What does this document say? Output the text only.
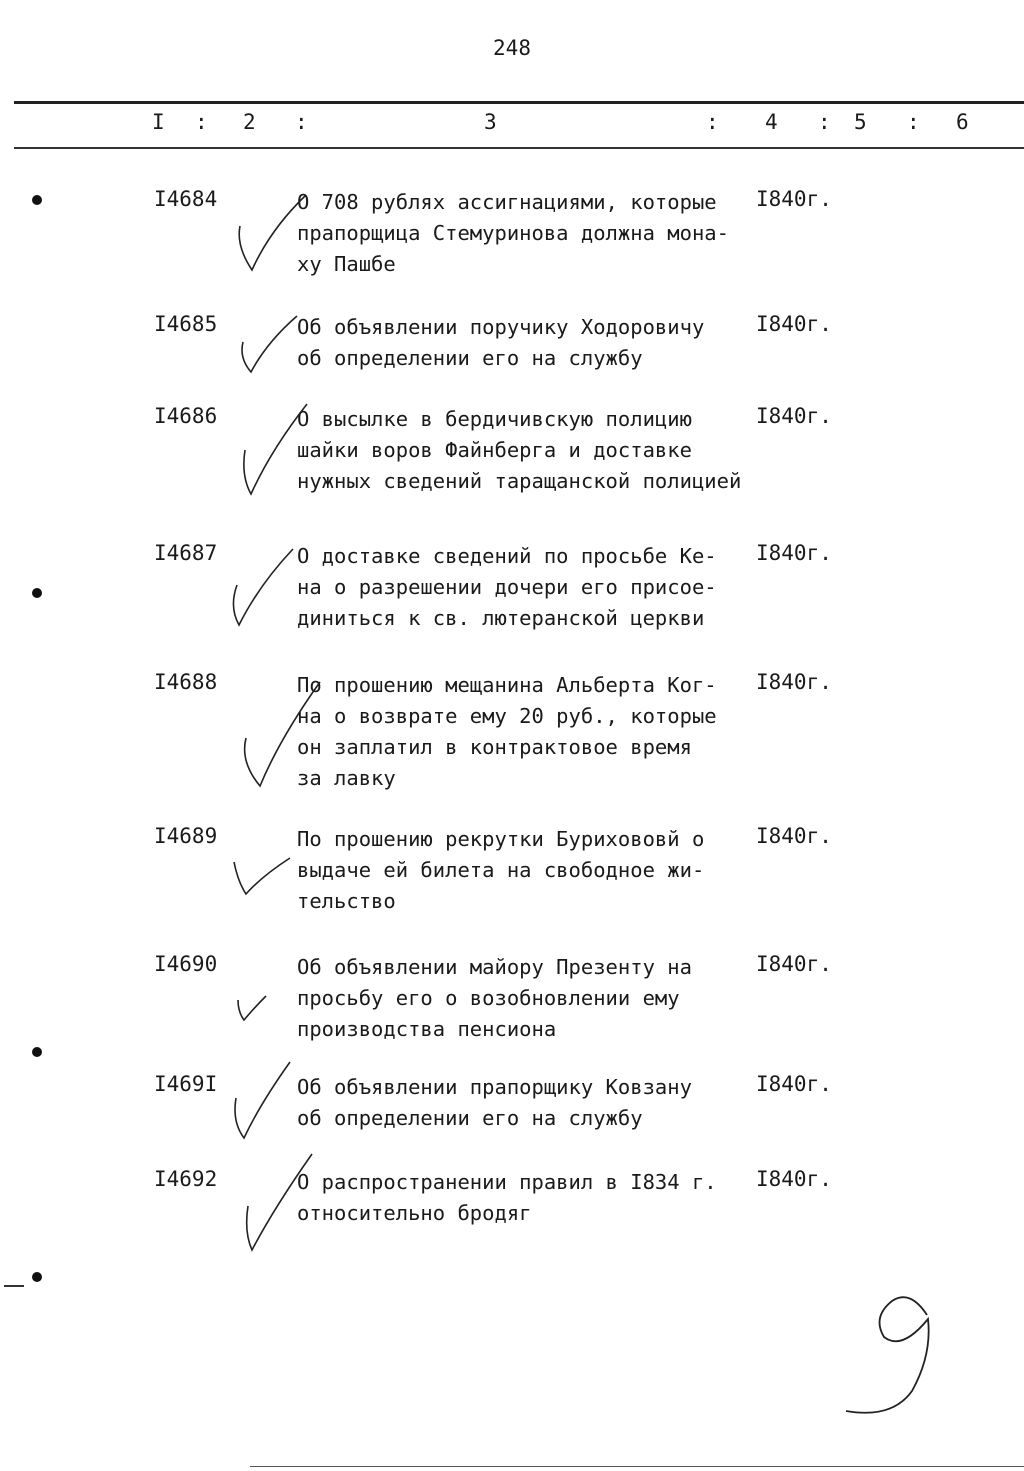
248
I : 2 :	3	: 4 : 5 : 6
I4684	О 708 рублях ассигнациями, которые
прапорщица Стемуринова должна мона-
ху Пашбе
I840г.
I4685	Об объявлении поручику Ходоровичу
об определении его на службу
I840г.
I4686	О высылке в бердичивскую полицию
шайки воров Файнберга и доставке
нужных сведений таращанской полицией
I840г.
I4687	О доставке сведений по просьбе Ке-
на о разрешении дочери его присое-
диниться к св. лютеранской церкви
I840г.
I4688	По прошению мещанина Альберта Ког-
на о возврате ему 20 руб., которые
он заплатил в контрактовое время
за лавку
I840г.
I4689	По прошению рекрутки Бурихововй о
выдаче ей билета на свободное жи-
тельство
I840г.
I4690	Об объявлении майору Презенту на
просьбу его о возобновлении ему
производства пенсиона
I840г.
I469I	Об объявлении прапорщику Ковзану
об определении его на службу
I840г.
I4692	О распространении правил в I834 г.
относительно бродяг
I840г.
